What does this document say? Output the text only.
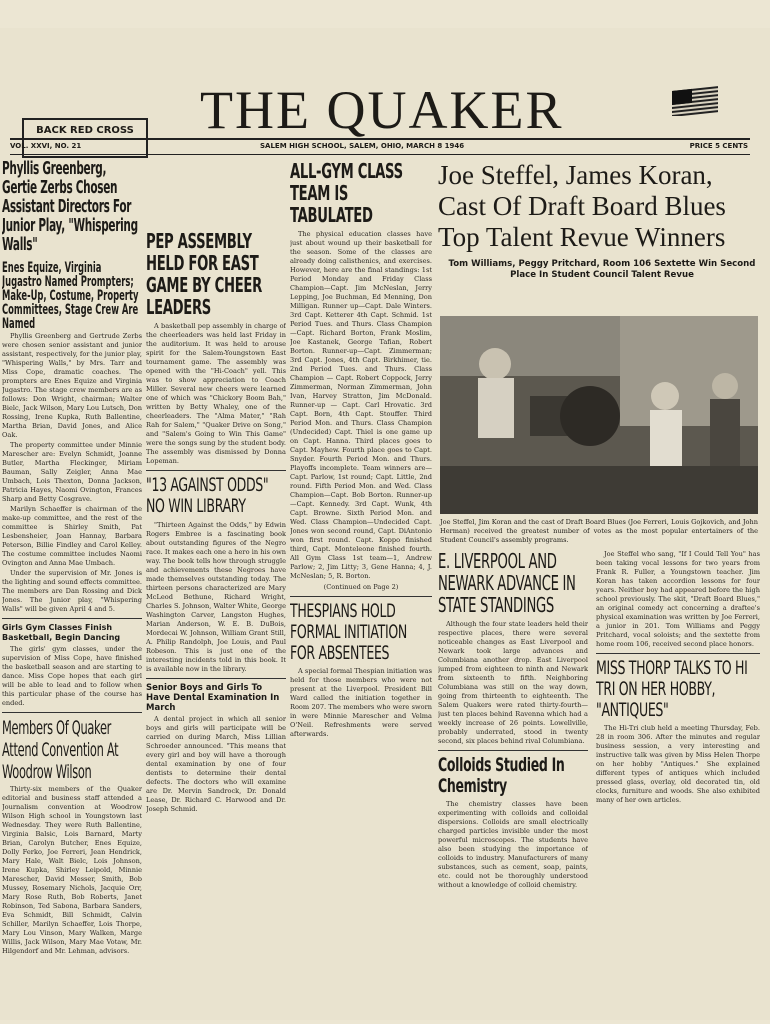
BACK RED CROSS THE QUAKER
VOL. XXVI, NO. 21	SALEM HIGH SCHOOL, SALEM, OHIO, MARCH 8 1946	PRICE 5 CENTS
Phyllis Greenberg, Gertie Zerbs Chosen Assistant Directors For Junior Play, "Whispering Walls"
Enes Equize, Virginia Jugastro Named Prompters; Make-Up, Costume, Property Committees, Stage Crew Are Named

Phyllis Greenberg and Gertrude Zerbs were chosen senior assistant and junior assistant, respectively, for the junior play, "Whispering Walls," by Mrs. Tarr and Miss Cope, dramatic coaches. The prompters are Enes Equize and Virginia Jugastro. The stage crew members are as follows: Don Wright, chairman; Walter Bielc, Jack Wilson, Mary Lou Lutsch, Don Rossing, Irene Kupka, Ruth Ballentine, Martha Brian, David Jones, and Alice Oak.

The property committee under Minnie Marescher are: Evelyn Schmidt, Joanne Butler, Martha Fleckinger, Miriam Bauman, Sally Zeigler, Anna Mae Umbach, Lois Thexton, Donna Jackson, Patricia Hayes, Naomi Ovington, Frances Sharp and Betty Cosgrave.

Marilyn Schaeffer is chairman of the make-up committee, and the rest of the committee is Shirley Smith, Pat Lesbensheier, Joan Hannay, Barbara Peterson, Billie Findley and Carol Kelley. The costume committee includes Naomi Ovington and Anna Mae Umbach.

Under the supervision of Mr. Jones is the lighting and sound effects committee. The members are Dan Rossing and Dick Jones. The Junior play, "Whispering Walls" will be given April 4 and 5.

Girls Gym Classes Finish Basketball, Begin Dancing

The girls' gym classes, under the supervision of Miss Cope, have finished the basketball season and are starting to dance. Miss Cope hopes that each girl will be able to lead and to follow when this particular phase of the course has ended.

Members Of Quaker Attend Convention At Woodrow Wilson

Thirty-six members of the Quaker editorial and business staff attended a Journalism convention at Woodrow Wilson High school in Youngstown last Wednesday. They were Ruth Ballentine, Virginia Balsic, Lois Barnard, Marty Brian, Carolyn Butcher, Enes Equize, Dolly Ferko, Joe Ferreri, Jean Hendrick, Mary Hale, Walt Bielc, Lois Johnson, Irene Kupka, Shirley Leipold, Minnie Marescher, David Messer, Smith, Bob Mussey, Rosemary Nichols, Jacquie Orr, Mary Rose Ruth, Bob Roberts, Janet Robinson, Ted Sabona, Barbara Sanders, Eva Schmidt, Bill Schmidt, Calvin Schiller, Marilyn Schaeffer, Lois Thorpe, Mary Lou Vinson, Mary Walken, Marge Willis, Jack Wilson, Mary Mae Votaw, Mr. Hilgendorf and Mr. Lehman, advisors.

PEP ASSEMBLY HELD FOR EAST GAME BY CHEER LEADERS

A basketball pep assembly in charge of the cheerleaders was held last Friday in the auditorium. It was held to arouse spirit for the Salem-Youngstown East tournament game. The assembly was opened with the "Hi-Coach" yell. This was to show appreciation to Coach Miller. Several new cheers were learned one of which was "Chickory Boom Bah," written by Betty Whaley, one of the cheerleaders. The "Alma Mater," "Rah Rah for Salem," "Quaker Drive on Song," and "Salem's Going to Win This Game" were the songs sung by the student body. The assembly was dismissed by Donna Lopeman.

"13 AGAINST ODDS" NO WIN LIBRARY

"Thirteen Against the Odds," by Edwin Rogers Embree is a fascinating book about outstanding figures of the Negro race. It makes each one a hero in his own way. The book tells how through struggle and achievements these Negroes have made themselves outstanding today. The thirteen persons characterized are Mary McLeod Bethune, Richard Wright, Charles S. Johnson, Walter White, George Washington Carver, Langston Hughes, Marian Anderson, W. E. B. DuBois, Mordecai W. Johnson, William Grant Still, A. Philip Randolph, Joe Louis, and Paul Robeson. This is just one of the interesting incidents told in this book. It is available now in the library.

Senior Boys and Girls To Have Dental Examination In March

A dental project in which all senior boys and girls will participate will be carried on during March, Miss Lillian Schroeder announced. "This means that every girl and boy will have a thorough dental examination by one of four dentists to determine their dental defects. The doctors who will examine are Dr. Mervin Sandrock, Dr. Donald Lease, Dr. Richard C. Harwood and Dr. Joseph Schmid.

ALL-GYM CLASS TEAM IS TABULATED

The physical education classes have just about wound up their basketball for the season. Some of the classes are already doing calisthenics, and exercises. However, here are the final standings: 1st Period Monday and Friday Class Champion—Capt. Jim McNeslan, Jerry Lepping, Joe Buchman, Ed Menning, Don Milligan. Runner up—Capt. Dale Winters. 3rd Capt. Ketterer 4th Capt. Schmid. 1st Period Tues. and Thurs. Class Champion—Capt. Richard Borton, Frank Moslim, Joe Kastanek, George Tafian, Robert Borton. Runner-up—Capt. Zimmerman; 3rd Capt. Jones, 4th Capt. Birkhimer, tie. 2nd Period Tues. and Thurs. Class Champion — Capt. Robert Coppock, Jerry Zimmerman, Norman Zimmerman, John Ivan, Harvey Stratton, Jim McDonald. Runner-up — Capt. Carl Hrovatic. 3rd Capt. Born, 4th Capt. Stouffer. Third Period Mon. and Thurs. Class Champion (Undecided) Capt. Thiel is one game up on Capt. Hanna. Third places goes to Capt. Mayhew. Fourth place goes to Capt. Snyder. Fourth Period Mon. and Thurs. Playoffs incomplete. Team winners are—Capt. Parlow, 1st round; Capt. Little, 2nd round. Fifth Period Mon. and Wed. Class Champion—Capt. Bob Borton. Runner-up—Capt. Kennedy. 3rd Capt. Wunk, 4th Capt. Browne. Sixth Period Mon. and Wed. Class Champion—Undecided Capt. Jones won second round, Capt. DiAntonio won first round. Capt. Koppo finished third, Capt. Monteleone finished fourth. All Gym Class 1st team—1, Andrew Parlow; 2, Jim Litty; 3, Gene Hanna; 4, J. McNeslan; 5, R. Borton.

(Continued on Page 2)
THESPIANS HOLD FORMAL INITIATION FOR ABSENTEES

A special formal Thespian initiation was held for those members who were not present at the Liverpool. President Bill Ward called the initiation together in Room 207. The members who were sworn in were Minnie Marescher and Velma O'Neil. Refreshments were served afterwards.

Joe Steffel, James Koran, Cast Of Draft Board Blues Top Talent Revue Winners
Tom Williams, Peggy Pritchard, Room 106 Sextette Win Second Place In Student Council Talent Revue
Joe Steffel, Jim Koran and the cast of Draft Board Blues (Joe Ferreri, Louis Gojkovich, and John Herman) received the greatest number of votes as the most popular entertainers of the Student Council's assembly programs.
E. LIVERPOOL AND NEWARK ADVANCE IN STATE STANDINGS

Although the four state leaders held their respective places, there were several noticeable changes as East Liverpool and Newark took large advances and Columbiana another drop. East Liverpool jumped from eighteen to ninth and Newark from sixteenth to fifth. Neighboring Columbiana was still on the way down, going from thirteenth to eighteenth. The Salem Quakers were rated thirty-fourth—just ten places behind Ravenna which had a weekly increase of 26 points. Lowellville, probably underrated, stood in twenty second, six places behind rival Columbiana.

Colloids Studied In Chemistry

The chemistry classes have been experimenting with colloids and colloidal dispersions. Colloids are small electrically charged particles invisible under the most powerful microscopes. The students have also been studying the importance of colloids to industry. Manufacturers of many substances, such as cement, soap, paints, etc. could not be thoroughly understood without a knowledge of colloid chemistry.

Joe Steffel who sang, "If I Could Tell You" has been taking vocal lessons for two years from Frank R. Fuller, a Youngstown teacher. Jim Koran has taken accordion lessons for four years. Neither boy had appeared before the high school previously. The skit, "Draft Board Blues," an original comedy act concerning a draftee's physical examination was written by Joe Ferreri, a junior in 201. Tom Williams and Peggy Pritchard, vocal soloists; and the sextette from home room 106, received second place honors.

MISS THORP TALKS TO HI TRI ON HER HOBBY, "ANTIQUES"

The Hi-Tri club held a meeting Thursday, Feb. 28 in room 306. After the minutes and regular business session, a very interesting and instructive talk was given by Miss Helen Thorpe on her hobby "Antiques." She explained different types of antiques which included pressed glass, overlay, old decorated tin, old clocks, furniture and woods. She also exhibited many of her own articles.
